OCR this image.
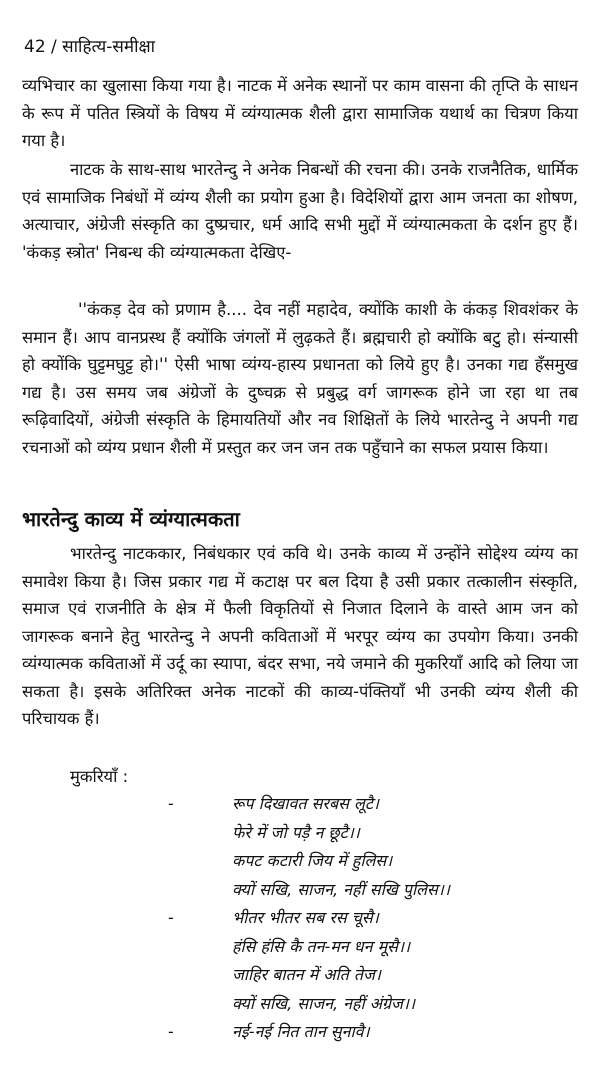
42 / साहित्य-समीक्षा

व्यभिचार का खुलासा किया गया है। नाटक में अनेक स्थानों पर काम वासना की तृप्ति के साधन के रूप में पतित स्त्रियों के विषय में व्यंग्यात्मक शैली द्वारा सामाजिक यथार्थ का चित्रण किया गया है।

नाटक के साथ-साथ भारतेन्दु ने अनेक निबन्धों की रचना की। उनके राजनैतिक, धार्मिक एवं सामाजिक निबंधों में व्यंग्य शैली का प्रयोग हुआ है। विदेशियों द्वारा आम जनता का शोषण, अत्याचार, अंग्रेजी संस्कृति का दुष्प्रचार, धर्म आदि सभी मुद्दों में व्यंग्यात्मकता के दर्शन हुए हैं। 'कंकड़ स्त्रोत' निबन्ध की व्यंग्यात्मकता देखिए-

''कंकड़ देव को प्रणाम है.... देव नहीं महादेव, क्योंकि काशी के कंकड़ शिवशंकर के समान हैं। आप वानप्रस्थ हैं क्योंकि जंगलों में लुढ़कते हैं। ब्रह्मचारी हो क्योंकि बटु हो। संन्यासी हो क्योंकि घुट्टमघुट्ट हो।'' ऐसी भाषा व्यंग्य-हास्य प्रधानता को लिये हुए है। उनका गद्य हँसमुख गद्य है। उस समय जब अंग्रेजों के दुष्चक्र से प्रबुद्ध वर्ग जागरूक होने जा रहा था तब रूढ़िवादियों, अंग्रेजी संस्कृति के हिमायतियों और नव शिक्षितों के लिये भारतेन्दु ने अपनी गद्य रचनाओं को व्यंग्य प्रधान शैली में प्रस्तुत कर जन जन तक पहुँचाने का सफल प्रयास किया।

भारतेन्दु काव्य में व्यंग्यात्मकता

भारतेन्दु नाटककार, निबंधकार एवं कवि थे। उनके काव्य में उन्होंने सोद्देश्य व्यंग्य का समावेश किया है। जिस प्रकार गद्य में कटाक्ष पर बल दिया है उसी प्रकार तत्कालीन संस्कृति, समाज एवं राजनीति के क्षेत्र में फैली विकृतियों से निजात दिलाने के वास्ते आम जन को जागरूक बनाने हेतु भारतेन्दु ने अपनी कविताओं में भरपूर व्यंग्य का उपयोग किया। उनकी व्यंग्यात्मक कविताओं में उर्दू का स्यापा, बंदर सभा, नये जमाने की मुकरियाँ आदि को लिया जा सकता है। इसके अतिरिक्त अनेक नाटकों की काव्य-पंक्तियाँ भी उनकी व्यंग्य शैली की परिचायक हैं।

मुकरियाँ :
-	रूप दिखावत सरबस लूटै।
फेरे में जो पड़ै न छूटै।।
कपट कटारी जिय में हुलिस।
क्यों सखि, साजन, नहीं सखि पुलिस।।
-	भीतर भीतर सब रस चूसै।
हंसि हंसि कै तन-मन धन मूसै।।
जाहिर बातन में अति तेज।
क्यों सखि, साजन, नहीं अंग्रेज।।
-	नई-नई नित तान सुनावै।
